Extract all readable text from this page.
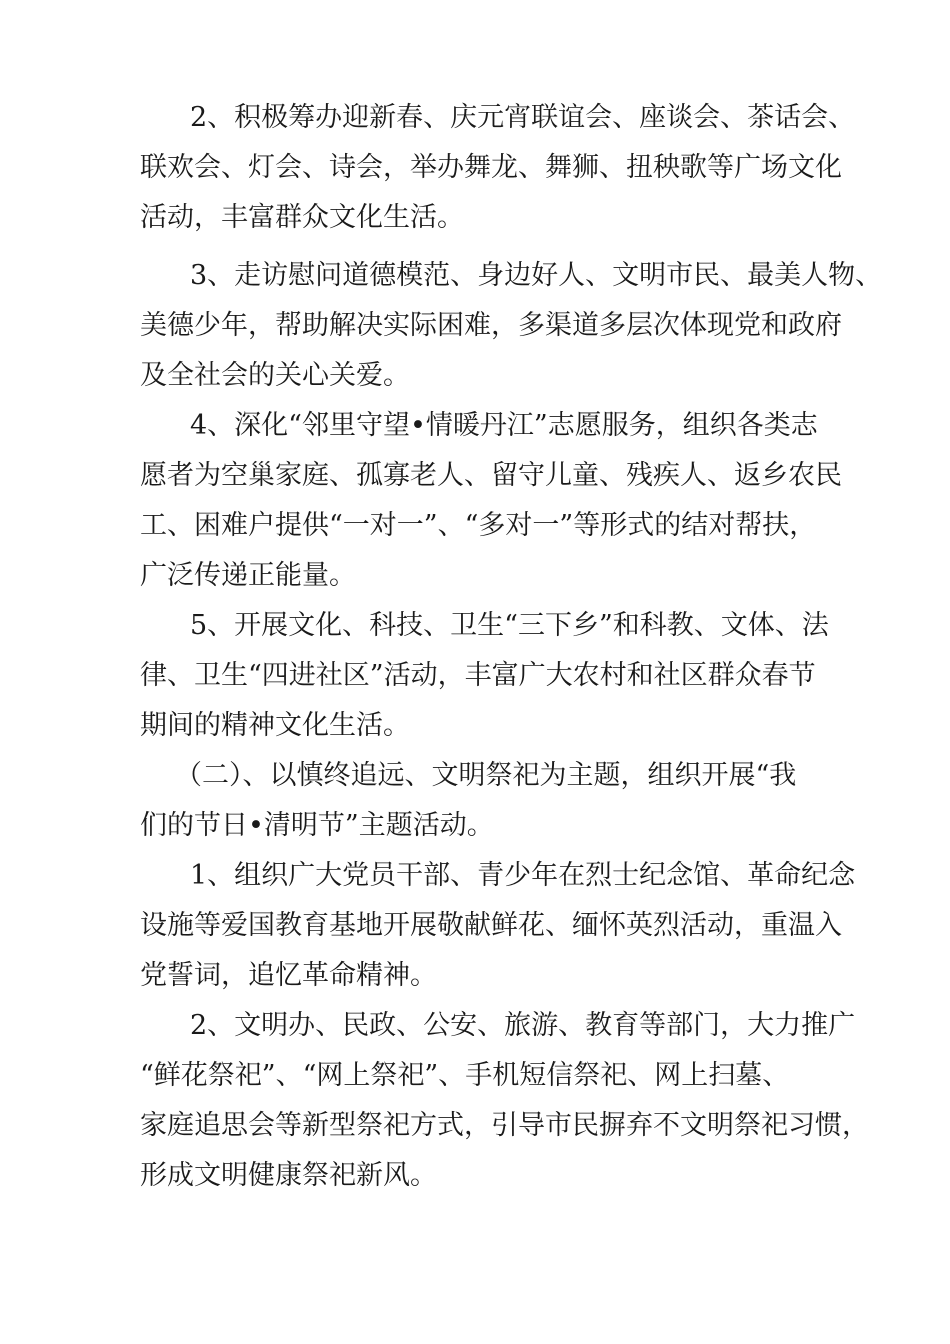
2、积极筹办迎新春、庆元宵联谊会、座谈会、茶话会、
联欢会、灯会、诗会，举办舞龙、舞狮、扭秧歌等广场文化
活动，丰富群众文化生活。
3、走访慰问道德模范、身边好人、文明市民、最美人物、
美德少年，帮助解决实际困难，多渠道多层次体现党和政府
及全社会的关心关爱。
4、深化“邻里守望•情暖丹江”志愿服务，组织各类志
愿者为空巢家庭、孤寡老人、留守儿童、残疾人、返乡农民
工、困难户提供“一对一”、“多对一”等形式的结对帮扶，
广泛传递正能量。
5、开展文化、科技、卫生“三下乡”和科教、文体、法
律、卫生“四进社区”活动，丰富广大农村和社区群众春节
期间的精神文化生活。
（二）、以慎终追远、文明祭祀为主题，组织开展“我
们的节日•清明节”主题活动。
1、组织广大党员干部、青少年在烈士纪念馆、革命纪念
设施等爱国教育基地开展敬献鲜花、缅怀英烈活动，重温入
党誓词，追忆革命精神。
2、文明办、民政、公安、旅游、教育等部门，大力推广
“鲜花祭祀”、“网上祭祀”、手机短信祭祀、网上扫墓、
家庭追思会等新型祭祀方式，引导市民摒弃不文明祭祀习惯，
形成文明健康祭祀新风。
